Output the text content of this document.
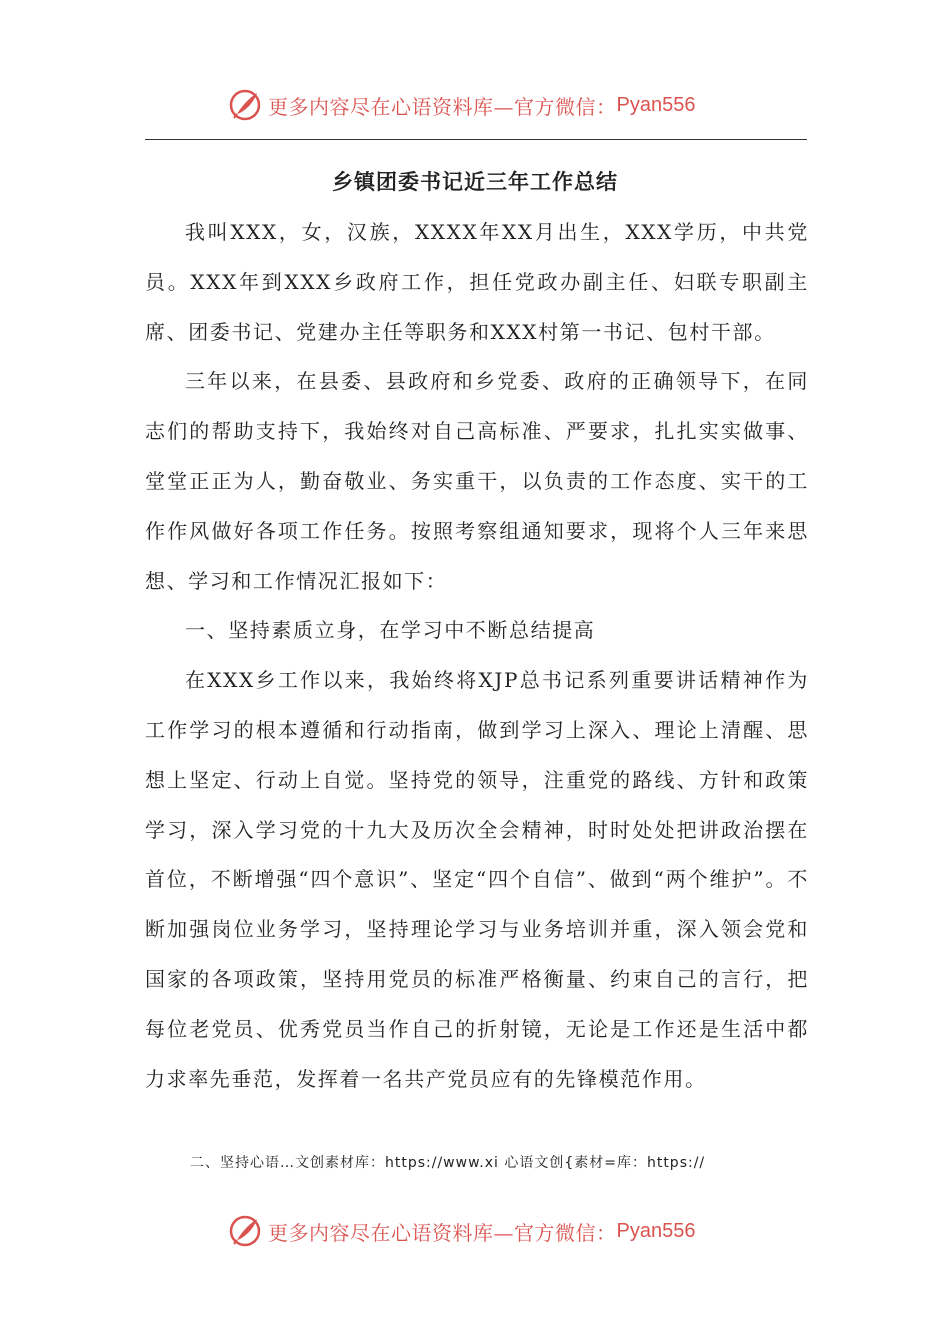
更多内容尽在心语资料库—官方微信： Pyan556
乡镇团委书记近三年工作总结

我叫XXX，女，汉族，XXXX年XX月出生，XXX学历，中共党员。XXX年到XXX乡政府工作，担任党政办副主任、妇联专职副主席、团委书记、党建办主任等职务和XXX村第一书记、包村干部。

三年以来，在县委、县政府和乡党委、政府的正确领导下，在同志们的帮助支持下，我始终对自己高标准、严要求，扎扎实实做事、堂堂正正为人，勤奋敬业、务实重干，以负责的工作态度、实干的工作作风做好各项工作任务。按照考察组通知要求，现将个人三年来思想、学习和工作情况汇报如下：

一、坚持素质立身，在学习中不断总结提高

在XXX乡工作以来，我始终将XJP总书记系列重要讲话精神作为工作学习的根本遵循和行动指南，做到学习上深入、理论上清醒、思想上坚定、行动上自觉。坚持党的领导，注重党的路线、方针和政策学习，深入学习党的十九大及历次全会精神，时时处处把讲政治摆在首位，不断增强“四个意识”、坚定“四个自信”、做到“两个维护”。不断加强岗位业务学习，坚持理论学习与业务培训并重，深入领会党和国家的各项政策，坚持用党员的标准严格衡量、约束自己的言行，把每位老党员、优秀党员当作自己的折射镜，无论是工作还是生活中都力求率先垂范，发挥着一名共产党员应有的先锋模范作用。

二、坚持心语…文创素材库：https://www.xi 心语文创{素材=库：https://
更多内容尽在心语资料库—官方微信： Pyan556
